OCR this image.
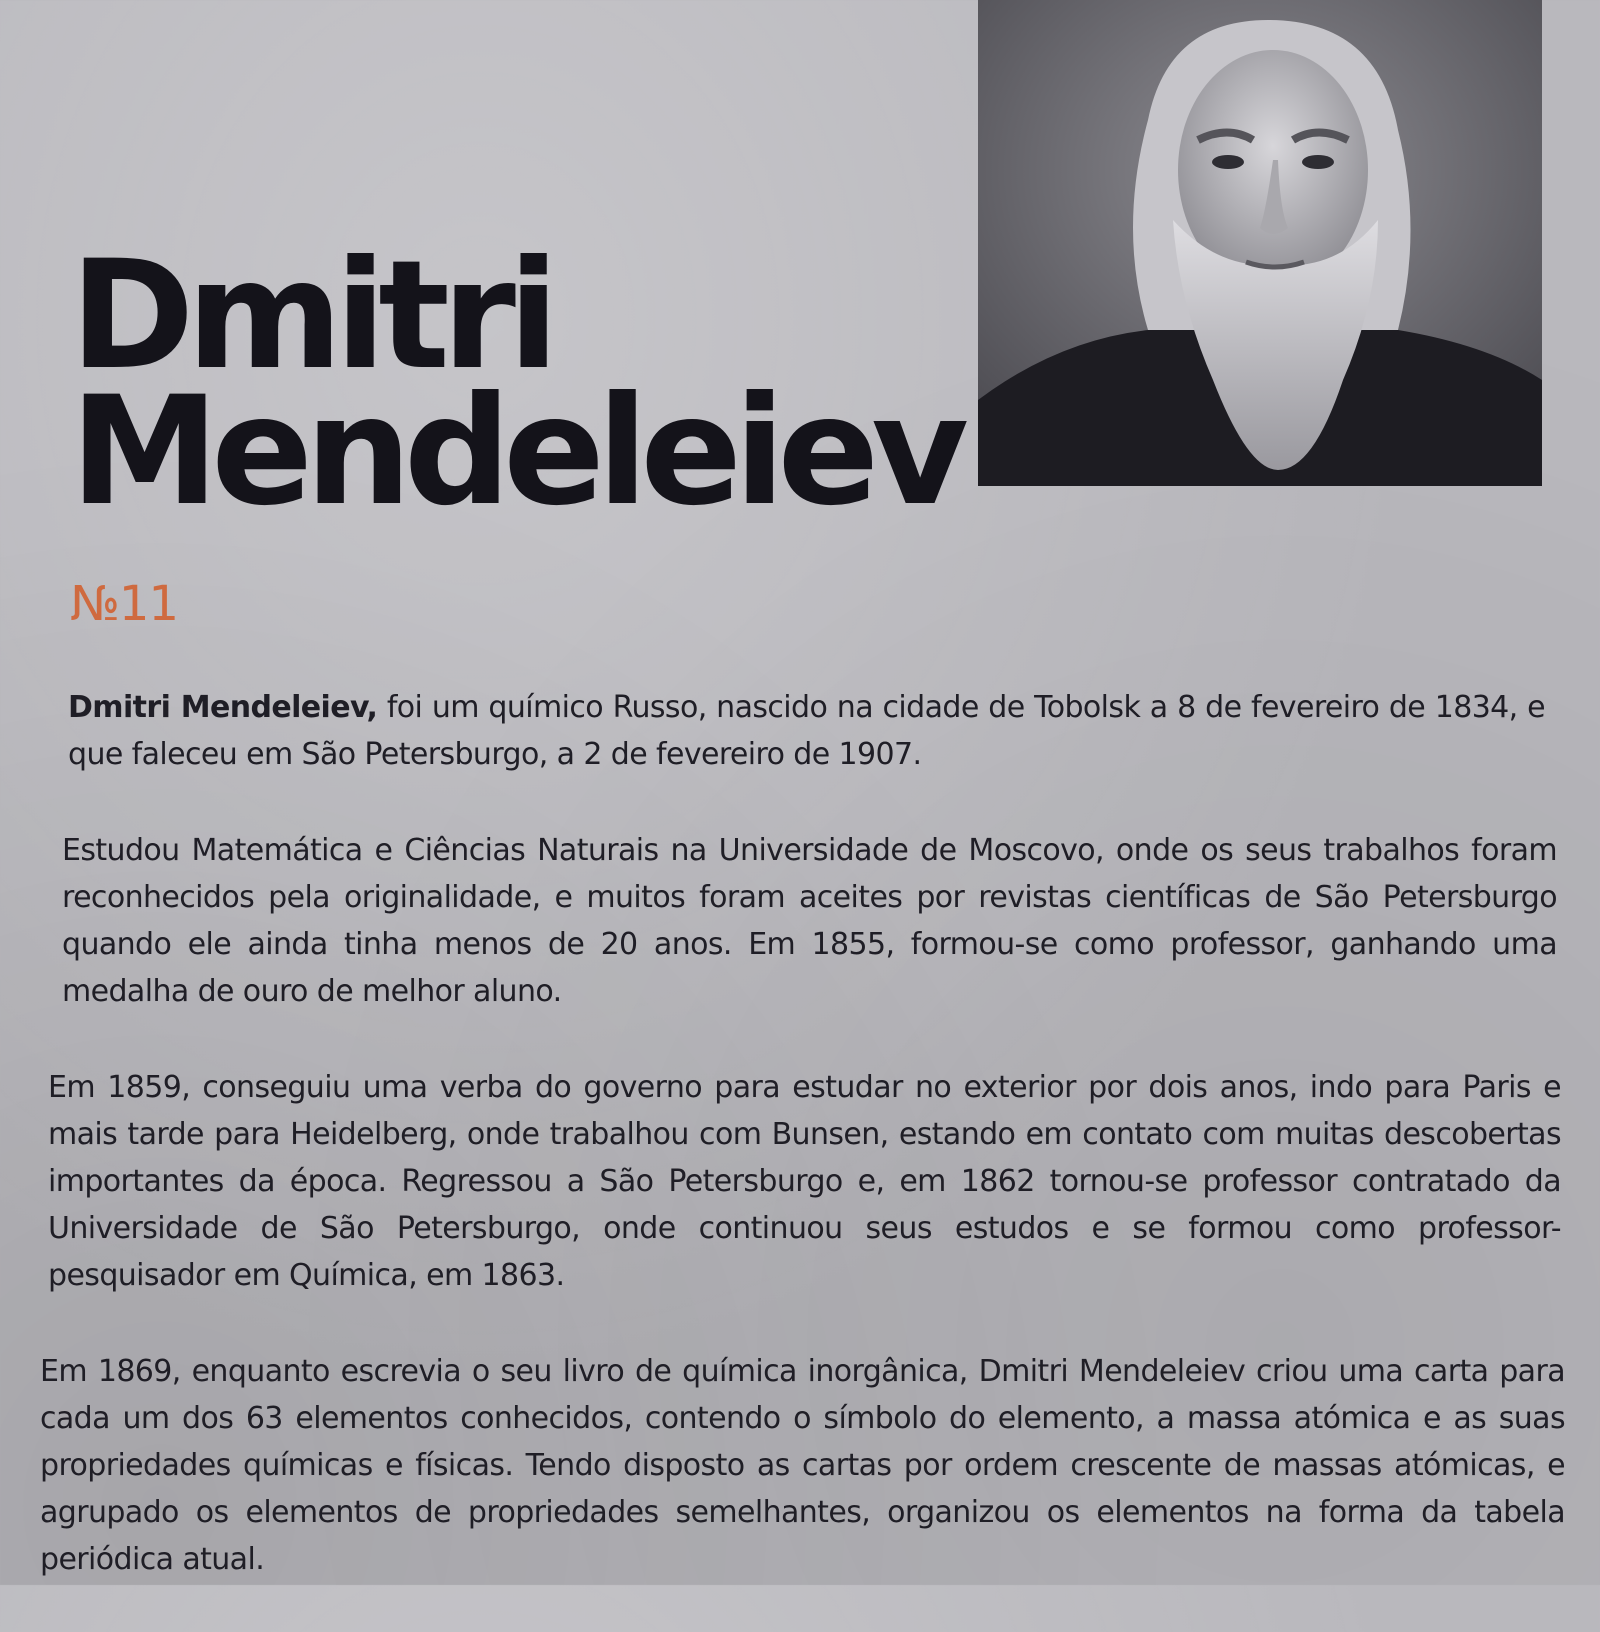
Dmitri
Mendeleiev
№11

Dmitri Mendeleiev, foi um químico Russo, nascido na cidade de Tobolsk a 8 de fevereiro de 1834, e que faleceu em São Petersburgo, a 2 de fevereiro de 1907.

Estudou Matemática e Ciências Naturais na Universidade de Moscovo, onde os seus trabalhos foram reconhecidos pela originalidade, e muitos foram aceites por revistas científicas de São Petersburgo quando ele ainda tinha menos de 20 anos. Em 1855, formou-se como professor, ganhando uma medalha de ouro de melhor aluno.

Em 1859, conseguiu uma verba do governo para estudar no exterior por dois anos, indo para Paris e mais tarde para Heidelberg, onde trabalhou com Bunsen, estando em contato com muitas descobertas importantes da época. Regressou a São Petersburgo e, em 1862 tornou-se professor contratado da Universidade de São Petersburgo, onde continuou seus estudos e se formou como professor-pesquisador em Química, em 1863.

Em 1869, enquanto escrevia o seu livro de química inorgânica, Dmitri Mendeleiev criou uma carta para cada um dos 63 elementos conhecidos, contendo o símbolo do elemento, a massa atómica e as suas propriedades químicas e físicas. Tendo disposto as cartas por ordem crescente de massas atómicas, e agrupado os elementos de propriedades semelhantes, organizou os elementos na forma da tabela periódica atual.
